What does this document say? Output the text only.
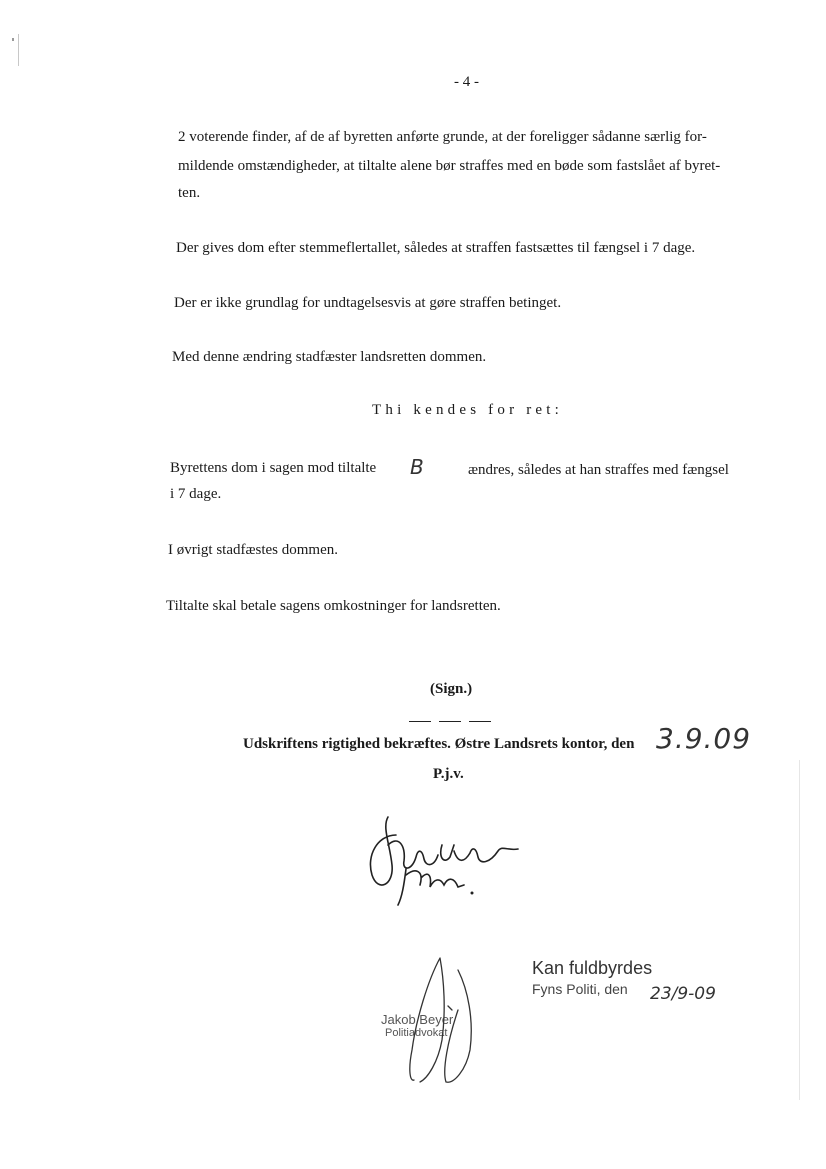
- 4 -
2 voterende finder, af de af byretten anførte grunde, at der foreligger sådanne særlig for-
mildende omstændigheder, at tiltalte alene bør straffes med en bøde som fastslået af byret-
ten.
Der gives dom efter stemmeflertallet, således at straffen fastsættes til fængsel i 7 dage.
Der er ikke grundlag for undtagelsesvis at gøre straffen betinget.
Med denne ændring stadfæster landsretten dommen.
Thi kendes for ret:
Byrettens dom i sagen mod tiltalte B	ændres, således at han straffes med fængsel
i 7 dage.
I øvrigt stadfæstes dommen.
Tiltalte skal betale sagens omkostninger for landsretten.
(Sign.)
Udskriftens rigtighed bekræftes. Østre Landsrets kontor, den 3.9.09
P.j.v.
Kan fuldbyrdes
Fyns Politi, den 23/9-09
Jakob Beyer
Politiadvokat
